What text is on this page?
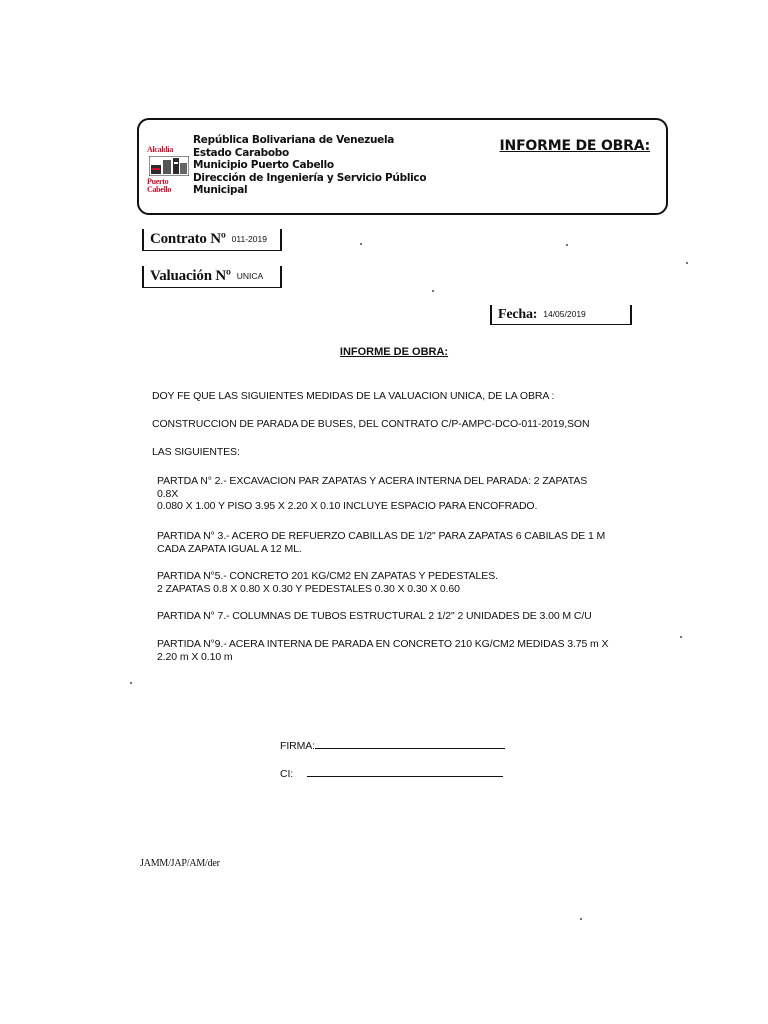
Alcaldía
Puerto Cabello
República Bolivariana de Venezuela
Estado Carabobo
Municipio Puerto Cabello
Dirección de Ingeniería y Servicio Público
Municipal
INFORME DE OBRA:
Contrato Nº 011-2019
Valuación Nº UNICA
Fecha: 14/05/2019
INFORME DE OBRA:
DOY FE QUE LAS SIGUIENTES MEDIDAS DE LA VALUACION UNICA, DE LA OBRA :
CONSTRUCCION DE PARADA DE BUSES, DEL CONTRATO C/P-AMPC-DCO-011-2019,SON
LAS SIGUIENTES:
PARTDA N° 2.- EXCAVACION PAR ZAPATAS Y ACERA INTERNA DEL PARADA: 2 ZAPATAS
0.8X
0.080 X 1.00 Y PISO 3.95 X 2.20 X 0.10 INCLUYE ESPACIO PARA ENCOFRADO.
PARTIDA N° 3.- ACERO DE REFUERZO CABILLAS DE 1/2" PARA ZAPATAS 6 CABILAS DE 1 M
CADA ZAPATA IGUAL A 12 ML.
PARTIDA N°5.- CONCRETO 201 KG/CM2 EN ZAPATAS Y PEDESTALES.
2 ZAPATAS 0.8 X 0.80 X 0.30 Y PEDESTALES 0.30 X 0.30 X 0.60
PARTIDA N° 7.- COLUMNAS DE TUBOS ESTRUCTURAL 2 1/2" 2 UNIDADES DE 3.00 M C/U
PARTIDA N°9.- ACERA INTERNA DE PARADA EN CONCRETO 210 KG/CM2 MEDIDAS 3.75 m X
2.20 m X 0.10 m
FIRMA:
CI:
JAMM/JAP/AM/der
